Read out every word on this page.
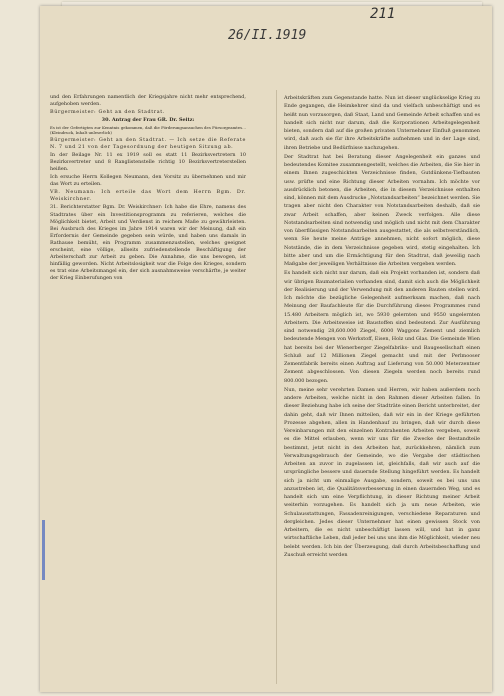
26/II.1919
211

und den Erfahrungen namentlich der Kriegsjahre nicht mehr entsprechend, aufgehoben werden.

Bürgermeister: Geht an den Stadtrat.

30. Antrag der Frau GR. Dr. Seitz:

Es ist der Gefertigten zur Kenntnis gekommen, daß die Förderungsansuchen des Fürsorgeamtes… (Kleindruck, Inhalt unleserlich)

Bürgermeister: Geht an den Stadtrat. — Ich setze die Referate N. 7 und 21 von der Tagesordnung der heutigen Sitzung ab.

In der Beilage Nr. 11 ex 1919 soll es statt 11 Bezirksvertretern 10 Bezirksvertreter und 8 Ranglistenstelle richtig 10 Bezirksvertreterstellen heißen.

Ich ersuche Herrn Kollegen Neumann, den Vorsitz zu übernehmen und mir das Wort zu erteilen.

VB. Neumann: Ich erteile das Wort dem Herrn Bgm. Dr. Weiskirchner.

31. Berichterstatter Bgm. Dr. Weiskirchner: Ich habe die Ehre, namens des Stadtrates über ein Investitionsprogramm zu referieren, welches die Möglichkeit bietet, Arbeit und Verdienst in reichem Maße zu gewährleisten. Bei Ausbruch des Krieges im Jahre 1914 waren wir der Meinung, daß ein Erfordernis der Gemeinde gegeben sein würde, und haben uns damals in Rathause bemüht, ein Programm zusammenzustellen, welches geeignet erscheint, eine völlige, allseits zufriedenstellende Beschäftigung der Arbeiterschaft zur Arbeit zu geben. Die Annahme, die uns bewogen, ist hinfällig geworden. Nicht Arbeitslosigkeit war die Folge des Krieges, sondern es trat eine Arbeitsmangel ein, der sich ausnahmsweise verschärfte, je weiter der Krieg Einberufungen von

Arbeitskräften zum Gegenstande hatte. Nun ist dieser unglückselige Krieg zu Ende gegangen, die Heimkehrer sind da und vielfach unbeschäftigt und es heißt nun vorzusorgen, daß Staat, Land und Gemeinde Arbeit schaffen und es handelt sich nicht nur darum, daß die Korporationen Arbeitsgelegenheit bieten, sondern daß auf die großen privaten Unternehmer Einfluß genommen wird, daß auch sie für ihre Arbeitskräfte aufnehmen und in der Lage sind, ihren Betriebe und Bedürfnisse nachzugehen.

Der Stadtrat hat bei Beratung dieser Angelegenheit ein ganzes und bedeutendes Komitee zusammengestellt, welches die Arbeiten, die Sie hier in einem Ihnen zugeschickten Verzeichnisse finden, Gutdünkens-Tiefbauten usw. prüfte und eine Richtung dieser Arbeiten vornahm. Ich möchte vor ausdrücklich betonen, die Arbeiten, die in diesem Verzeichnisse enthalten sind, können mit dem Ausdrucke „Notstandsarbeiten“ bezeichnet werden. Sie tragen aber nicht den Charakter von Notstandsarbeiten deshalb, daß sie zwar Arbeit schaffen, aber keinen Zweck verfolgen. Alle diese Notstandsarbeiten sind notwendig und möglich und nicht mit dem Charakter von überflüssigen Notstandsarbeiten ausgestattet, die als selbstverständlich, wenn Sie heute meine Anträge annehmen, nicht sofort möglich, diese Notstände, die in dem Verzeichnisse gegeben wird, stetig eingehalten. Ich bitte aber und um die Ermächtigung für den Stadtrat, daß jeweilig nach Maßgabe der jeweiligen Verhältnisse die Arbeiten vergeben werden.

Es handelt sich nicht nur darum, daß ein Projekt vorhanden ist, sondern daß wir übrigen Baumaterialien vorhanden sind, damit sich auch die Möglichkeit der Realisierung und der Verwendung mit den anderen Bauten stellen wird. Ich möchte die bezügliche Gelegenheit aufmerksam machen, daß nach Meinung der Baufachleute für die Durchführung dieses Programmes rund 15.480 Arbeitern möglich ist, wo 5930 gelernten und 9550 ungelernten Arbeitern. Die Arbeitsweise ist Baustoffen sind bedeutend. Zur Ausführung sind notwendig 28,600.000 Ziegel, 6000 Waggons Zement und ziemlich bedeutende Mengen von Werkstoff, Eisen, Holz und Glas. Die Gemeinde Wien hat bereits bei der Wienerberger Ziegelfabriks- und Baugesellschaft einen Schluß auf 12 Millionen Ziegel gemacht und mit der Perlmooser Zementfabrik bereits einen Auftrag auf Lieferung von 50.000 Meterzentner Zement abgeschlossen. Von diesen Ziegeln werden noch bereits rund 800.000 bezogen.

Nun, meine sehr verehrten Damen und Herren, wir haben außerdem noch andere Arbeiten, welche nicht in den Rahmen dieser Arbeiten fallen. In dieser Beziehung habe ich seine der Stadträte einen Bericht unterbreitet, der dahin geht, daß wir Ihnen mitteilen, daß wir ein in der Kriege geführten Prozesse abgehen, allen in Handenhauf zu bringen, daß wir durch diese Vereinbarungen mit den einzelnen Kontrahenten Arbeiten vergeben, soweit es die Mittel erlauben, wenn wir uns für die Zwecke der Bestandteile bestimmt, jetzt nicht in den Arbeiten hat, zurückkehren, nämlich zum Verwaltungsgebrauch der Gemeinde, wo die Vergabe der städtischen Arbeiten an zuvor in zugelassen ist, gleichfalls, daß wir auch auf die ursprüngliche bessere und dauernde Stellung hingeführt werden. Es handelt sich ja nicht um einmalige Ausgabe, sondern, soweit es bei uns uns anzustreben ist, die Qualitätsverbesserung in einen dauernden Weg, und es handelt sich um eine Verpflichtung, in dieser Richtung meiner Arbeit weiterhin vorzugehen. Es handelt sich ja um neue Arbeiten, wie Schulausstattungen, Fassadenreinigungen, verschiedene Reparaturen und dergleichen. Jedes dieser Unternehmer hat einen gewissen Stock von Arbeitern, die es nicht unbeschäftigt lassen will, und hat in ganz wirtschaftliche Leben, daß jeder bei uns uns ihm die Möglichkeit, wieder neu belebt werden. Ich bin der Überzeugung, daß durch Arbeitsbeschaffung und Zuschuß erreicht werden
